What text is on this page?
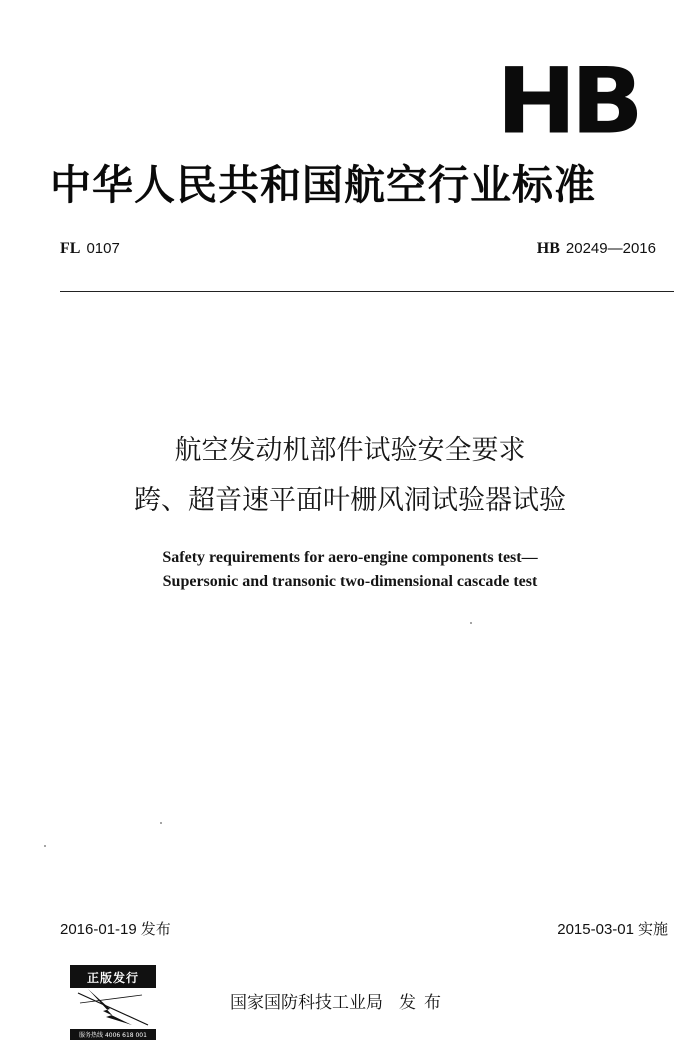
HB
中华人民共和国航空行业标准
FL 0107	HB 20249—2016
航空发动机部件试验安全要求
跨、超音速平面叶栅风洞试验器试验
Safety requirements for aero-engine components test—
Supersonic and transonic two-dimensional cascade test
2016-01-19 发布	2015-03-01 实施
国家国防科技工业局 发布
正版发行
服务热线 4006 618 001
